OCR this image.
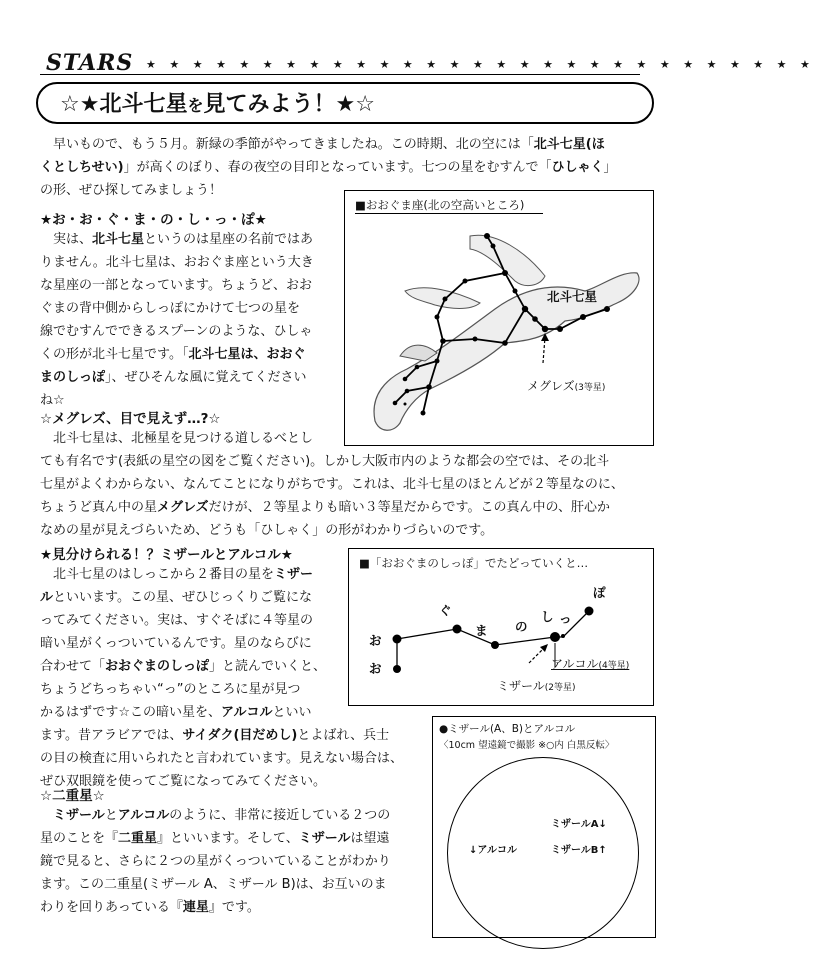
STARS ★ ★ ★ ★ ★ ★ ★ ★ ★ ★ ★ ★ ★ ★ ★ ★ ★ ★ ★ ★ ★ ★ ★ ★ ★ ★ ★ ★ ★
☆★北斗七星を見てみよう！★☆
早いもので、もう５月。新緑の季節がやってきましたね。この時期、北の空には「北斗七星(ほ
くとしちせい)」が高くのぼり、春の夜空の目印となっています。七つの星をむすんで「ひしゃく」
の形、ぜひ探してみましょう！
★お・お・ぐ・ま・の・し・っ・ぽ★
実は、北斗七星というのは星座の名前ではあ
りません。北斗七星は、おおぐま座という大き
な星座の一部となっています。ちょうど、おお
ぐまの背中側からしっぽにかけて七つの星を
線でむすんでできるスプーンのような、ひしゃ
くの形が北斗七星です。「北斗七星は、おおぐ
まのしっぽ」、ぜひそんな風に覚えてください
ね☆
■おおぐま座(北の空高いところ)
北斗七星
メグレズ(3等星)
☆メグレズ、目で見えず…?☆
北斗七星は、北極星を見つける道しるべとし
ても有名です(表紙の星空の図をご覧ください)。しかし大阪市内のような都会の空では、その北斗
七星がよくわからない、なんてことになりがちです。これは、北斗七星のほとんどが２等星なのに、
ちょうど真ん中の星メグレズだけが、２等星よりも暗い３等星だからです。この真ん中の、肝心か
なめの星が見えづらいため、どうも「ひしゃく」の形がわかりづらいのです。
★見分けられる！？ミザールとアルコル★
北斗七星のはしっこから２番目の星をミザー
ルといいます。この星、ぜひじっくりご覧にな
ってみてください。実は、すぐそばに４等星の
暗い星がくっついているんです。星のならびに
合わせて「おおぐまのしっぽ」と読んでいくと、
ちょうどちっちゃい“っ”のところに星が見つ
かるはずです☆この暗い星を、アルコルといい
ます。昔アラビアでは、サイダク(目だめし)とよばれ、兵士
の目の検査に用いられたと言われています。見えない場合は、
ぜひ双眼鏡を使ってご覧になってみてください。
■「おおぐまのしっぽ」でたどっていくと…
お
お
ぐ
ま の
し っ
ぽ
アルコル(4等星)
ミザール(2等星)
☆二重星☆
ミザールとアルコルのように、非常に接近している２つの
星のことを『二重星』といいます。そして、ミザールは望遠
鏡で見ると、さらに２つの星がくっついていることがわかり
ます。この二重星(ミザール A、ミザール B)は、お互いのま
わりを回りあっている『連星』です。
●ミザール(A、B)とアルコル
〈10cm 望遠鏡で撮影 ※○内 白黒反転〉
ミザールA↓
↓アルコル	ミザールB↑
